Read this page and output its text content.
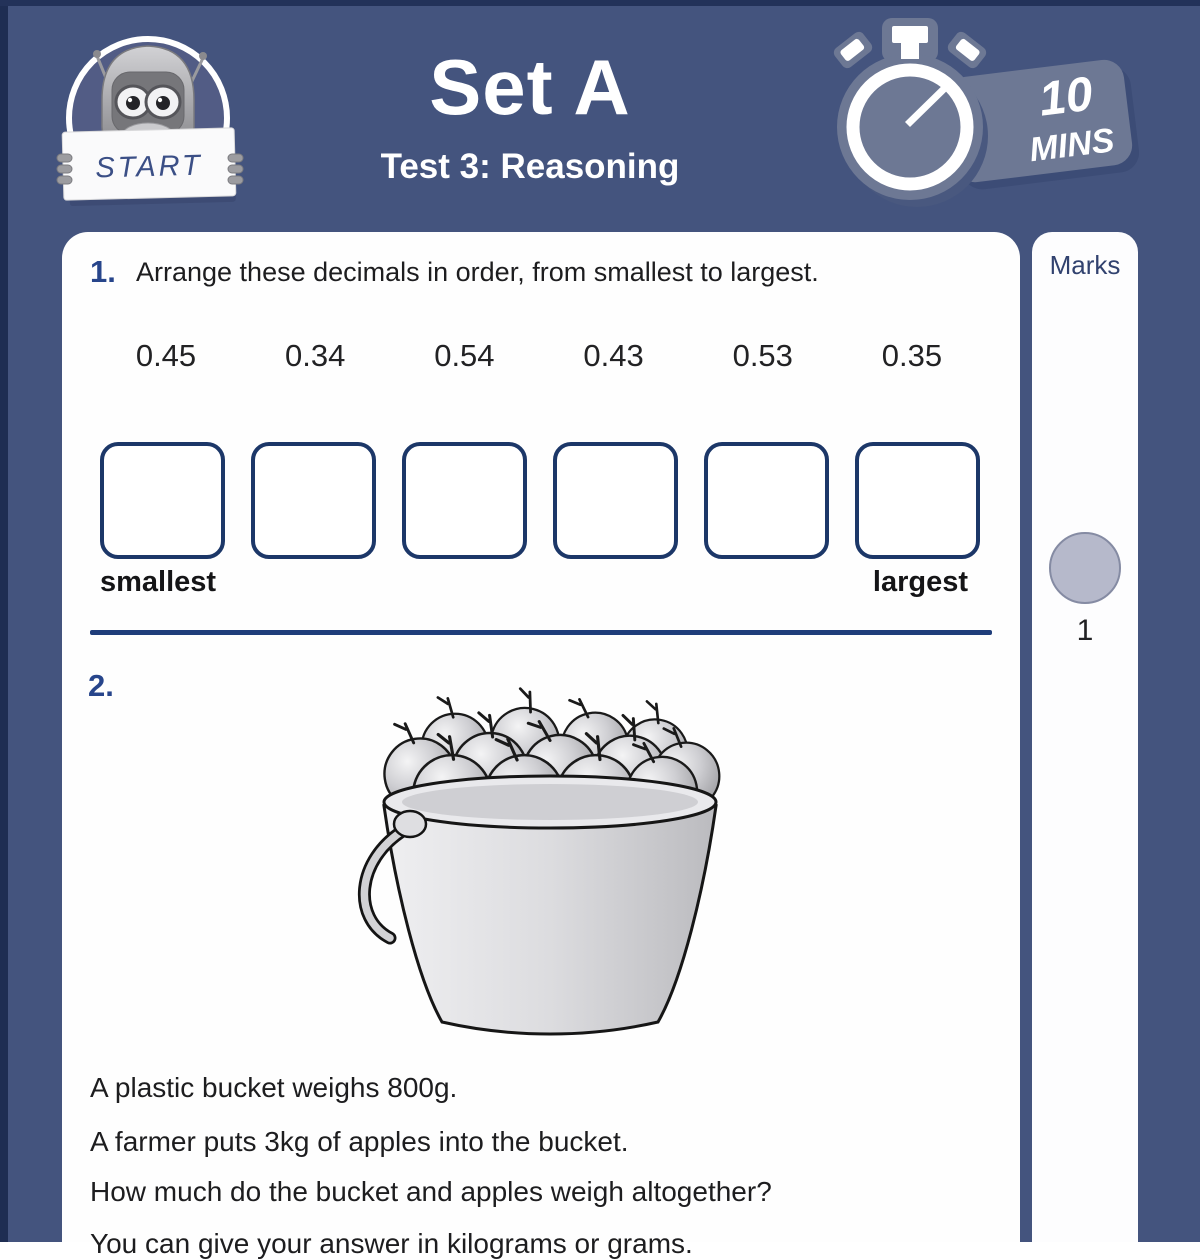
START
Set A
Test 3: Reasoning
10
MINS
1. Arrange these decimals in order, from smallest to largest.
0.45	0.34	0.54	0.43	0.53	0.35
smallest	largest
2.
A plastic bucket weighs 800g.
A farmer puts 3kg of apples into the bucket.
How much do the bucket and apples weigh altogether?
You can give your answer in kilograms or grams.
Marks
1
